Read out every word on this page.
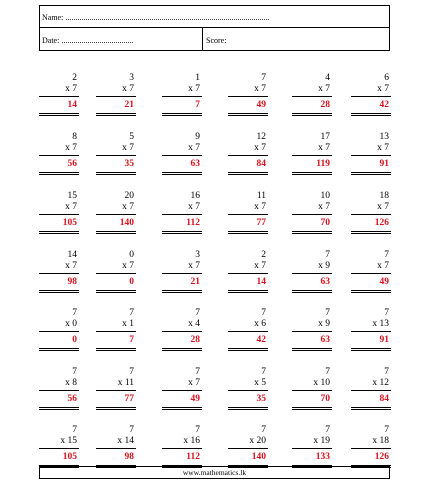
Name: ......................................................................................................
Date: ....................................	Score:
2
x 7
14
3
x 7
21
1
x 7
7
7
x 7
49
4
x 7
28
6
x 7
42
8
x 7
56
5
x 7
35
9
x 7
63
12
x 7
84
17
x 7
119
13
x 7
91
15
x 7
105
20
x 7
140
16
x 7
112
11
x 7
77
10
x 7
70
18
x 7
126
14
x 7
98
0
x 7
0
3
x 7
21
2
x 7
14
7
x 9
63
7
x 7
49
7
x 0
0
7
x 1
7
7
x 4
28
7
x 6
42
7
x 9
63
7
x 13
91
7
x 8
56
7
x 11
77
7
x 7
49
7
x 5
35
7
x 10
70
7
x 12
84
7
x 15
105
7
x 14
98
7
x 16
112
7
x 20
140
7
x 19
133
7
x 18
126
www.mathematics.lk
